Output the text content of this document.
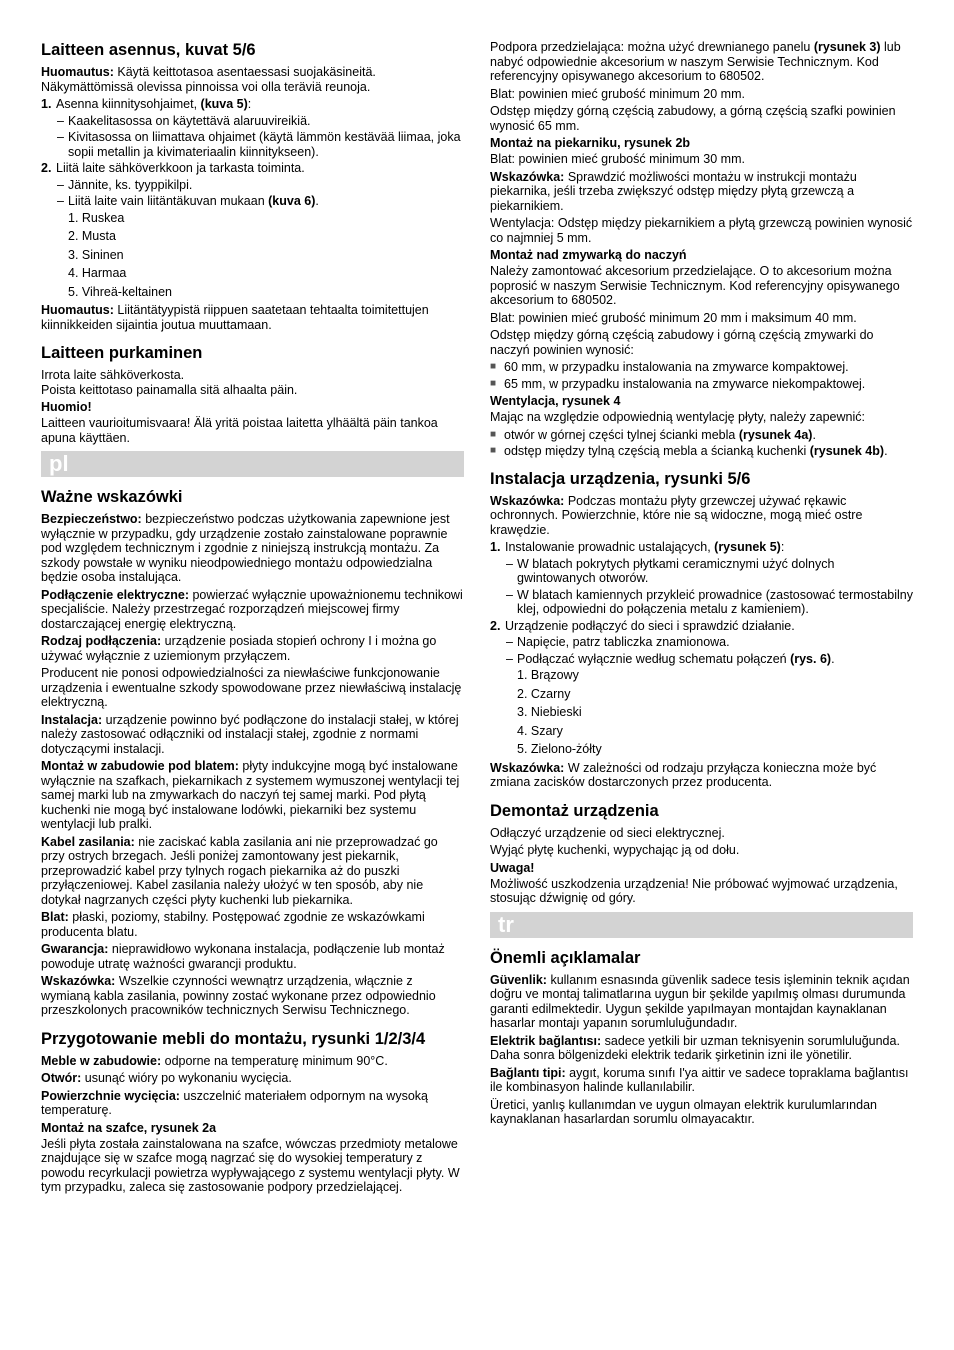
Laitteen asennus, kuvat 5/6

Huomautus: Käytä keittotasoa asentaessasi suojakäsineitä. Näkymättömissä olevissa pinnoissa voi olla teräviä reunoja.

1. Asenna kiinnitysohjaimet, (kuva 5):
– Kaakelitasossa on käytettävä alaruuvireikiä.
– Kivitasossa on liimattava ohjaimet (käytä lämmön kestävää liimaa, joka sopii metallin ja kivimateriaalin kiinnitykseen).
2. Liitä laite sähköverkkoon ja tarkasta toiminta.
– Jännite, ks. tyyppikilpi.
– Liitä laite vain liitäntäkuvan mukaan (kuva 6).
1. Ruskea
2. Musta
3. Sininen
4. Harmaa
5. Vihreä-keltainen

Huomautus: Liitäntätyypistä riippuen saatetaan tehtaalta toimitettujen kiinnikkeiden sijaintia joutua muuttamaan.

Laitteen purkaminen

Irrota laite sähköverkosta.

Poista keittotaso painamalla sitä alhaalta päin.

Huomio!

Laitteen vaurioitumisvaara! Älä yritä poistaa laitetta ylhäältä päin tankoa apuna käyttäen.

pl
Ważne wskazówki

Bezpieczeństwo: bezpieczeństwo podczas użytkowania zapewnione jest wyłącznie w przypadku, gdy urządzenie zostało zainstalowane poprawnie pod względem technicznym i zgodnie z niniejszą instrukcją montażu. Za szkody powstałe w wyniku nieodpowiedniego montażu odpowiedzialna będzie osoba instalująca.

Podłączenie elektryczne: powierzać wyłącznie upoważnionemu technikowi specjaliście. Należy przestrzegać rozporządzeń miejscowej firmy dostarczającej energię elektryczną.

Rodzaj podłączenia: urządzenie posiada stopień ochrony I i można go używać wyłącznie z uziemionym przyłączem.

Producent nie ponosi odpowiedzialności za niewłaściwe funkcjonowanie urządzenia i ewentualne szkody spowodowane przez niewłaściwą instalację elektryczną.

Instalacja: urządzenie powinno być podłączone do instalacji stałej, w której należy zastosować odłączniki od instalacji stałej, zgodnie z normami dotyczącymi instalacji.

Montaż w zabudowie pod blatem: płyty indukcyjne mogą być instalowane wyłącznie na szafkach, piekarnikach z systemem wymuszonej wentylacji tej samej marki lub na zmywarkach do naczyń tej samej marki. Pod płytą kuchenki nie mogą być instalowane lodówki, piekarniki bez systemu wentylacji lub pralki.

Kabel zasilania: nie zaciskać kabla zasilania ani nie przeprowadzać go przy ostrych brzegach. Jeśli poniżej zamontowany jest piekarnik, przeprowadzić kabel przy tylnych rogach piekarnika aż do puszki przyłączeniowej. Kabel zasilania należy ułożyć w ten sposób, aby nie dotykał nagrzanych części płyty kuchenki lub piekarnika.

Blat: płaski, poziomy, stabilny. Postępować zgodnie ze wskazówkami producenta blatu.

Gwarancja: nieprawidłowo wykonana instalacja, podłączenie lub montaż powoduje utratę ważności gwarancji produktu.

Wskazówka: Wszelkie czynności wewnątrz urządzenia, włącznie z wymianą kabla zasilania, powinny zostać wykonane przez odpowiednio przeszkolonych pracowników technicznych Serwisu Technicznego.

Przygotowanie mebli do montażu, rysunki 1/2/3/4

Meble w zabudowie: odporne na temperaturę minimum 90°C.

Otwór: usunąć wióry po wykonaniu wycięcia.

Powierzchnie wycięcia: uszczelnić materiałem odpornym na wysoką temperaturę.

Montaż na szafce, rysunek 2a

Jeśli płyta została zainstalowana na szafce, wówczas przedmioty metalowe znajdujące się w szafce mogą nagrzać się do wysokiej temperatury z powodu recyrkulacji powietrza wypływającego z systemu wentylacji płyty. W tym przypadku, zaleca się zastosowanie podpory przedzielającej.

Podpora przedzielająca: można użyć drewnianego panelu (rysunek 3) lub nabyć odpowiednie akcesorium w naszym Serwisie Technicznym. Kod referencyjny opisywanego akcesorium to 680502.

Blat: powinien mieć grubość minimum 20 mm.

Odstęp między górną częścią zabudowy, a górną częścią szafki powinien wynosić 65 mm.

Montaż na piekarniku, rysunek 2b

Blat: powinien mieć grubość minimum 30 mm.

Wskazówka: Sprawdzić możliwości montażu w instrukcji montażu piekarnika, jeśli trzeba zwiększyć odstęp między płytą grzewczą a piekarnikiem.

Wentylacja: Odstęp między piekarnikiem a płytą grzewczą powinien wynosić co najmniej 5 mm.

Montaż nad zmywarką do naczyń

Należy zamontować akcesorium przedzielające. O to akcesorium można poprosić w naszym Serwisie Technicznym. Kod referencyjny opisywanego akcesorium to 680502.

Blat: powinien mieć grubość minimum 20 mm i maksimum 40 mm.

Odstęp między górną częścią zabudowy i górną częścią zmywarki do naczyń powinien wynosić:

■ 60 mm, w przypadku instalowania na zmywarce kompaktowej.
■ 65 mm, w przypadku instalowania na zmywarce niekompaktowej.
Wentylacja, rysunek 4

Mając na względzie odpowiednią wentylację płyty, należy zapewnić:

■ otwór w górnej części tylnej ścianki mebla (rysunek 4a).
■ odstęp między tylną częścią mebla a ścianką kuchenki (rysunek 4b).
Instalacja urządzenia, rysunki 5/6

Wskazówka: Podczas montażu płyty grzewczej używać rękawic ochronnych. Powierzchnie, które nie są widoczne, mogą mieć ostre krawędzie.

1. Instalowanie prowadnic ustalających, (rysunek 5):
– W blatach pokrytych płytkami ceramicznymi użyć dolnych gwintowanych otworów.
– W blatach kamiennych przykleić prowadnice (zastosować termostabilny klej, odpowiedni do połączenia metalu z kamieniem).
2. Urządzenie podłączyć do sieci i sprawdzić działanie.
– Napięcie, patrz tabliczka znamionowa.
– Podłączać wyłącznie według schematu połączeń (rys. 6).
1. Brązowy
2. Czarny
3. Niebieski
4. Szary
5. Zielono-żółty

Wskazówka: W zależności od rodzaju przyłącza konieczna może być zmiana zacisków dostarczonych przez producenta.

Demontaż urządzenia

Odłączyć urządzenie od sieci elektrycznej.

Wyjąć płytę kuchenki, wypychając ją od dołu.

Uwaga!

Możliwość uszkodzenia urządzenia! Nie próbować wyjmować urządzenia, stosując dźwignię od góry.

tr
Önemli açıklamalar

Güvenlik: kullanım esnasında güvenlik sadece tesis işleminin teknik açıdan doğru ve montaj talimatlarına uygun bir şekilde yapılmış olması durumunda garanti edilmektedir. Uygun şekilde yapılmayan montajdan kaynaklanan hasarlar montajı yapanın sorumluluğundadır.

Elektrik bağlantısı: sadece yetkili bir uzman teknisyenin sorumluluğunda. Daha sonra bölgenizdeki elektrik tedarik şirketinin izni ile yönetilir.

Bağlantı tipi: aygıt, koruma sınıfı I'ya aittir ve sadece topraklama bağlantısı ile kombinasyon halinde kullanılabilir.

Üretici, yanlış kullanımdan ve uygun olmayan elektrik kurulumlarından kaynaklanan hasarlardan sorumlu olmayacaktır.
